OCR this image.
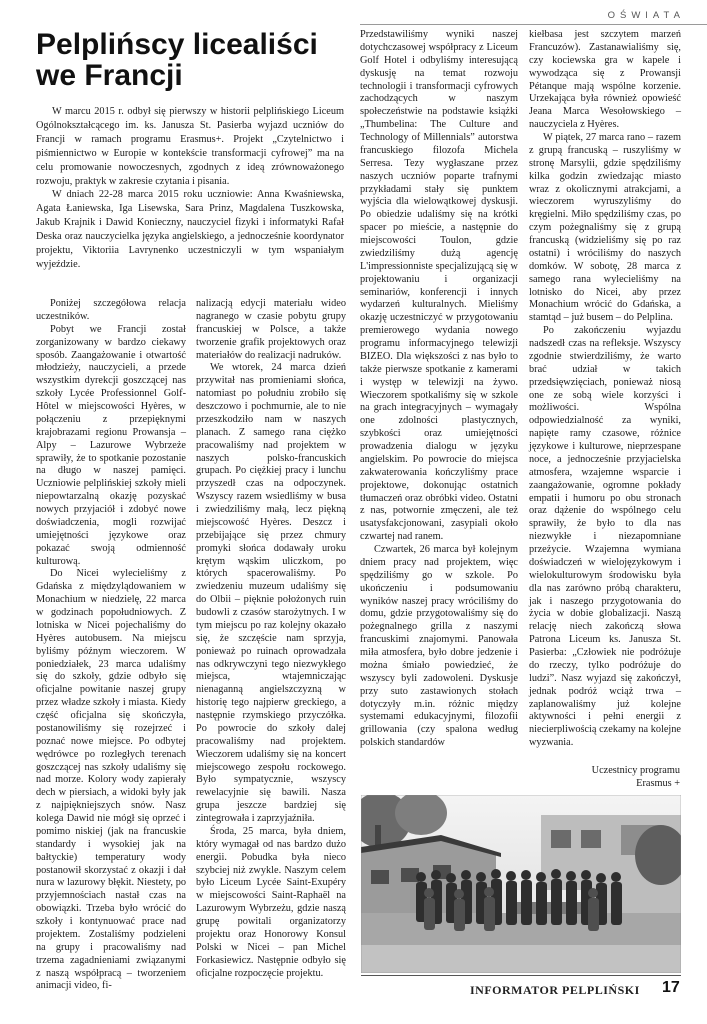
OŚWIATA
Pelplińscy licealiści we Francji

W marcu 2015 r. odbył się pierwszy w historii pelplińskiego Liceum Ogólnokształcącego im. ks. Janusza St. Pasierba wyjazd uczniów do Francji w ramach programu Erasmus+. Projekt „Czytelnictwo i piśmiennictwo w Europie w kontekście transformacji cyfrowej” ma na celu promowanie nowoczesnych, zgodnych z ideą zrównoważonego rozwoju, praktyk w zakresie czytania i pisania.

W dniach 22-28 marca 2015 roku uczniowie: Anna Kwaśniewska, Agata Łaniewska, Iga Lisewska, Sara Prinz, Magdalena Tuszkowska, Jakub Krajnik i Dawid Konieczny, nauczyciel fizyki i informatyki Rafał Deska oraz nauczycielka języka angielskiego, a jednocześnie koordynator projektu, Viktoriia Lavrynenko uczestniczyli w tym wspaniałym wyjeździe.

Poniżej szczegółowa relacja uczestników.

Pobyt we Francji został zorganizowany w bardzo ciekawy sposób. Zaangażowanie i otwartość młodzieży, nauczycieli, a przede wszystkim dyrekcji goszczącej nas szkoły Lycée Professionnel Golf-Hôtel w miejscowości Hyères, w połączeniu z przepięknymi krajobrazami regionu Prowansja – Alpy – Lazurowe Wybrzeże sprawiły, że to spotkanie pozostanie na długo w naszej pamięci. Uczniowie pelplińskiej szkoły mieli niepowtarzalną okazję pozyskać nowych przyjaciół i zdobyć nowe doświadczenia, mogli rozwijać umiejętności językowe oraz pokazać swoją odmienność kulturową.

Do Nicei wylecieliśmy z Gdańska z międzylądowaniem w Monachium w niedzielę, 22 marca w godzinach popołudniowych. Z lotniska w Nicei pojechaliśmy do Hyères autobusem. Na miejscu byliśmy późnym wieczorem. W poniedziałek, 23 marca udaliśmy się do szkoły, gdzie odbyło się oficjalne powitanie naszej grupy przez władze szkoły i miasta. Kiedy część oficjalna się skończyła, postanowiliśmy się rozejrzeć i poznać nowe miejsce. Po odbytej wędrówce po rozległych terenach goszczącej nas szkoły udaliśmy się nad morze. Kolory wody zapierały dech w piersiach, a widoki były jak z najpiękniejszych snów. Nasz kolega Dawid nie mógł się oprzeć i pomimo niskiej (jak na francuskie standardy i wysokiej jak na bałtyckie) temperatury wody postanowił skorzystać z okazji i dał nura w lazurowy błękit. Niestety, po przyjemnościach nastał czas na obowiązki. Trzeba było wrócić do szkoły i kontynuować prace nad projektem. Zostaliśmy podzieleni na grupy i pracowaliśmy nad trzema zagadnieniami związanymi z naszą współpracą – tworzeniem animacji video, fi-

nalizacją edycji materiału wideo nagranego w czasie pobytu grupy francuskiej w Polsce, a także tworzenie grafik projektowych oraz materiałów do realizacji nadruków.

We wtorek, 24 marca dzień przywitał nas promieniami słońca, natomiast po południu zrobiło się deszczowo i pochmurnie, ale to nie przeszkodziło nam w naszych planach. Z samego rana ciężko pracowaliśmy nad projektem w naszych polsko-francuskich grupach. Po ciężkiej pracy i lunchu przyszedł czas na odpoczynek. Wszyscy razem wsiedliśmy w busa i zwiedziliśmy małą, lecz piękną miejscowość Hyères. Deszcz i przebijające się przez chmury promyki słońca dodawały uroku krętym wąskim uliczkom, po których spacerowaliśmy. Po zwiedzeniu muzeum udaliśmy się do Olbii – pięknie położonych ruin budowli z czasów starożytnych. I w tym miejscu po raz kolejny okazało się, że szczęście nam sprzyja, ponieważ po ruinach oprowadzała nas odkrywczyni tego niezwykłego miejsca, wtajemniczając nienaganną angielszczyzną w historię tego najpierw greckiego, a następnie rzymskiego przyczółka. Po powrocie do szkoły dalej pracowaliśmy nad projektem. Wieczorem udaliśmy się na koncert miejscowego zespołu rockowego. Było sympatycznie, wszyscy rewelacyjnie się bawili. Nasza grupa jeszcze bardziej się zintegrowała i zaprzyjaźniła.

Środa, 25 marca, była dniem, który wymagał od nas bardzo dużo energii. Pobudka była nieco szybciej niż zwykle. Naszym celem było Liceum Lycée Saint-Exupéry w miejscowości Saint-Raphaël na Lazurowym Wybrzeżu, gdzie naszą grupę powitali organizatorzy projektu oraz Honorowy Konsul Polski w Nicei – pan Michel Forkasiewicz. Następnie odbyło się oficjalne rozpoczęcie projektu.

Przedstawiliśmy wyniki naszej dotychczasowej współpracy z Liceum Golf Hotel i odbyliśmy interesującą dyskusję na temat rozwoju technologii i transformacji cyfrowych zachodzących w naszym społeczeństwie na podstawie książki „Thumbelina: The Culture and Technology of Millennials” autorstwa francuskiego filozofa Michela Serresa. Tezy wygłaszane przez naszych uczniów poparte trafnymi przykładami stały się punktem wyjścia dla wielowątkowej dyskusji. Po obiedzie udaliśmy się na krótki spacer po mieście, a następnie do miejscowości Toulon, gdzie zwiedziliśmy dużą agencję L'impressionniste specjalizującą się w projektowaniu i organizacji seminariów, konferencji i innych wydarzeń kulturalnych. Mieliśmy okazję uczestniczyć w przygotowaniu premierowego wydania nowego programu informacyjnego telewizji BIZEO. Dla większości z nas było to także pierwsze spotkanie z kamerami i występ w telewizji na żywo. Wieczorem spotkaliśmy się w szkole na grach integracyjnych – wymagały one zdolności plastycznych, szybkości oraz umiejętności prowadzenia dialogu w języku angielskim. Po powrocie do miejsca zakwaterowania kończyliśmy prace projektowe, dokonując ostatnich tłumaczeń oraz obróbki video. Ostatni z nas, potwornie zmęczeni, ale też usatysfakcjonowani, zasypiali około czwartej nad ranem.

Czwartek, 26 marca był kolejnym dniem pracy nad projektem, więc spędziliśmy go w szkole. Po ukończeniu i podsumowaniu wyników naszej pracy wróciliśmy do domu, gdzie przygotowaliśmy się do pożegnalnego grilla z naszymi francuskimi znajomymi. Panowała miła atmosfera, było dobre jedzenie i można śmiało powiedzieć, że wszyscy byli zadowoleni. Dyskusje przy suto zastawionych stołach dotyczyły m.in. różnic między systemami edukacyjnymi, filozofii grillowania (czy spalona według polskich standardów

kiełbasa jest szczytem marzeń Francuzów). Zastanawialiśmy się, czy kociewska gra w kapele i wywodząca się z Prowansji Pétanque mają wspólne korzenie. Urzekająca była również opowieść Jeana Marca Wesołowskiego – nauczyciela z Hyères.

W piątek, 27 marca rano – razem z grupą francuską – ruszyliśmy w stronę Marsylii, gdzie spędziliśmy kilka godzin zwiedzając miasto wraz z okolicznymi atrakcjami, a wieczorem wyruszyliśmy do kręgielni. Miło spędziliśmy czas, po czym pożegnaliśmy się z grupą francuską (widzieliśmy się po raz ostatni) i wróciliśmy do naszych domków. W sobotę, 28 marca z samego rana wylecieliśmy na lotnisko do Nicei, aby przez Monachium wrócić do Gdańska, a stamtąd – już busem – do Pelplina.

Po zakończeniu wyjazdu nadszedł czas na refleksje. Wszyscy zgodnie stwierdziliśmy, że warto brać udział w takich przedsięwzięciach, ponieważ niosą one ze sobą wiele korzyści i możliwości. Wspólna odpowiedzialność za wyniki, napięte ramy czasowe, różnice językowe i kulturowe, nieprzespane noce, a jednocześnie przyjacielska atmosfera, wzajemne wsparcie i zaangażowanie, ogromne pokłady empatii i humoru po obu stronach oraz dążenie do wspólnego celu sprawiły, że było to dla nas niezwykłe i niezapomniane przeżycie. Wzajemna wymiana doświadczeń w wielojęzykowym i wielokulturowym środowisku była dla nas zarówno próbą charakteru, jak i naszego przygotowania do życia w dobie globalizacji. Naszą relację niech zakończą słowa Patrona Liceum ks. Janusza St. Pasierba: „Człowiek nie podróżuje do rzeczy, tylko podróżuje do ludzi”. Nasz wyjazd się zakończył, jednak podróż wciąż trwa – zaplanowaliśmy już kolejne aktywności i pełni energii z niecierpliwością czekamy na kolejne wyzwania.

Uczestnicy programu
Erasmus +
INFORMATOR PELPLIŃSKI 17
